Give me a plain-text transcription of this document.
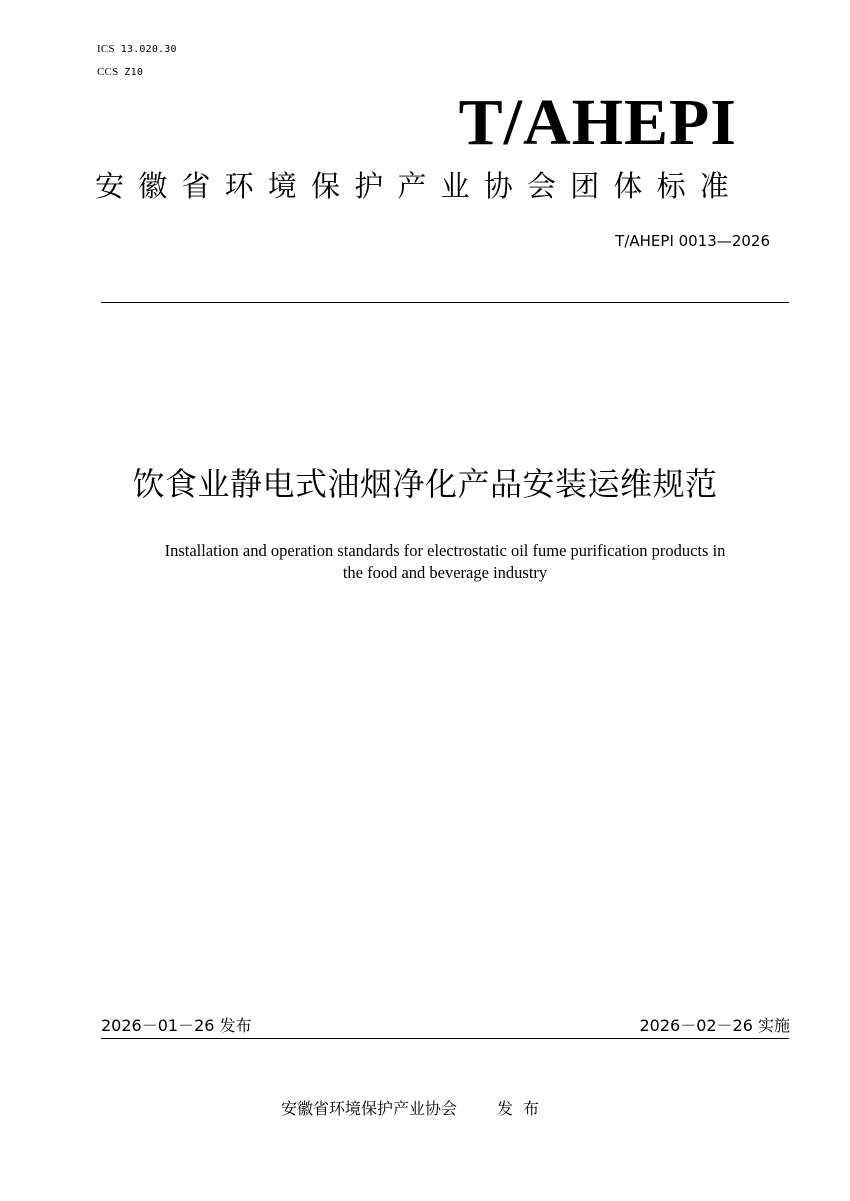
ICS 13.020.30
CCS Z10
T/AHEPI
安徽省环境保护产业协会团体标准
T/AHEPI 0013—2026
饮食业静电式油烟净化产品安装运维规范
Installation and operation standards for electrostatic oil fume purification products in
the food and beverage industry
2026－01－26 发布	2026－02－26 实施
安徽省环境保护产业协会	发布
